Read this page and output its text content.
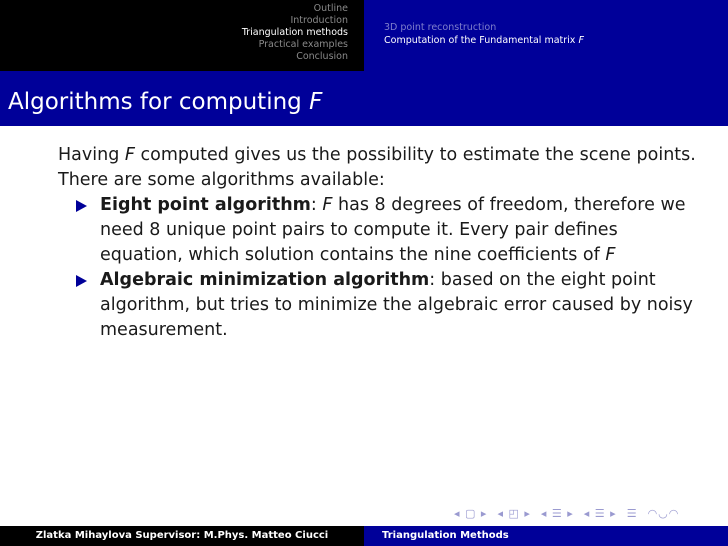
Outline
Introduction
Triangulation methods
Practical examples
Conclusion
3D point reconstruction
Computation of the Fundamental matrix F
Algorithms for computing F

Having F computed gives us the possibility to estimate the scene points. There are some algorithms available:

Eight point algorithm: F has 8 degrees of freedom, therefore we need 8 unique point pairs to compute it. Every pair defines equation, which solution contains the nine coefficients of F
Algebraic minimization algorithm: based on the eight point algorithm, but tries to minimize the algebraic error caused by noisy measurement.
◂ ▢ ▸ ◂ ◰ ▸ ◂ ☰ ▸ ◂ ☰ ▸ ☰ ◠◡◠
Zlatka Mihaylova Supervisor: M.Phys. Matteo Ciucci	Triangulation Methods
